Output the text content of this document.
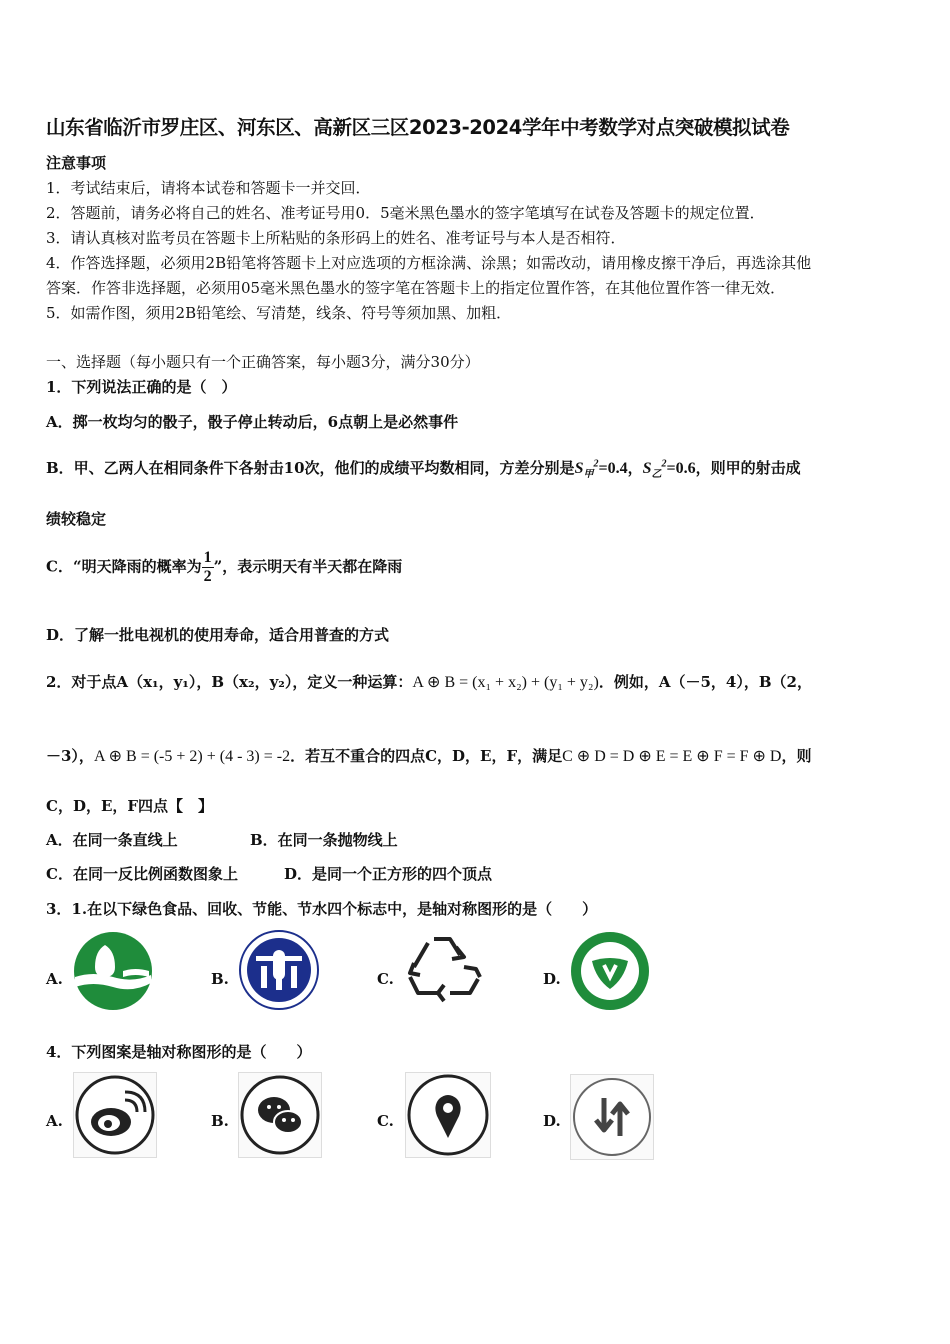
山东省临沂市罗庄区、河东区、高新区三区2023-2024学年中考数学对点突破模拟试卷
注意事项
1．考试结束后，请将本试卷和答题卡一并交回．
2．答题前，请务必将自己的姓名、准考证号用0．5毫米黑色墨水的签字笔填写在试卷及答题卡的规定位置．
3．请认真核对监考员在答题卡上所粘贴的条形码上的姓名、准考证号与本人是否相符．
4．作答选择题，必须用2B铅笔将答题卡上对应选项的方框涂满、涂黑；如需改动，请用橡皮擦干净后，再选涂其他
答案．作答非选择题，必须用05毫米黑色墨水的签字笔在答题卡上的指定位置作答，在其他位置作答一律无效．
5．如需作图，须用2B铅笔绘、写清楚，线条、符号等须加黑、加粗．
一、选择题（每小题只有一个正确答案，每小题3分，满分30分）
1．下列说法正确的是（　）
A．掷一枚均匀的骰子，骰子停止转动后，6点朝上是必然事件
B．甲、乙两人在相同条件下各射击10次，他们的成绩平均数相同，方差分别是$S_甲^2=0.4$，$S_乙^2=0.6$，则甲的射击成
绩较稳定
C．“明天降雨的概率为 $\frac{1}{2}$ ”，表示明天有半天都在降雨
D．了解一批电视机的使用寿命，适合用普查的方式
2．对于点A（x₁，y₁），B（x₂，y₂），定义一种运算：A ⊕ B = (x₁ + x₂) + (y₁ + y₂)．例如，A（－5，4），B（2，
－3），A ⊕ B = (-5 + 2) + (4 - 3) = -2．若互不重合的四点C，D，E，F，满足C ⊕ D = D ⊕ E = E ⊕ F = F ⊕ D，则
C，D，E，F四点【　】
A．在同一条直线上	B．在同一条抛物线上
C．在同一反比例函数图象上	D．是同一个正方形的四个顶点
3．1.在以下绿色食品、回收、节能、节水四个标志中，是轴对称图形的是（　　）
A.	B.	C.	D.
4．下列图案是轴对称图形的是（　　）
A.	B.	C.	D.
